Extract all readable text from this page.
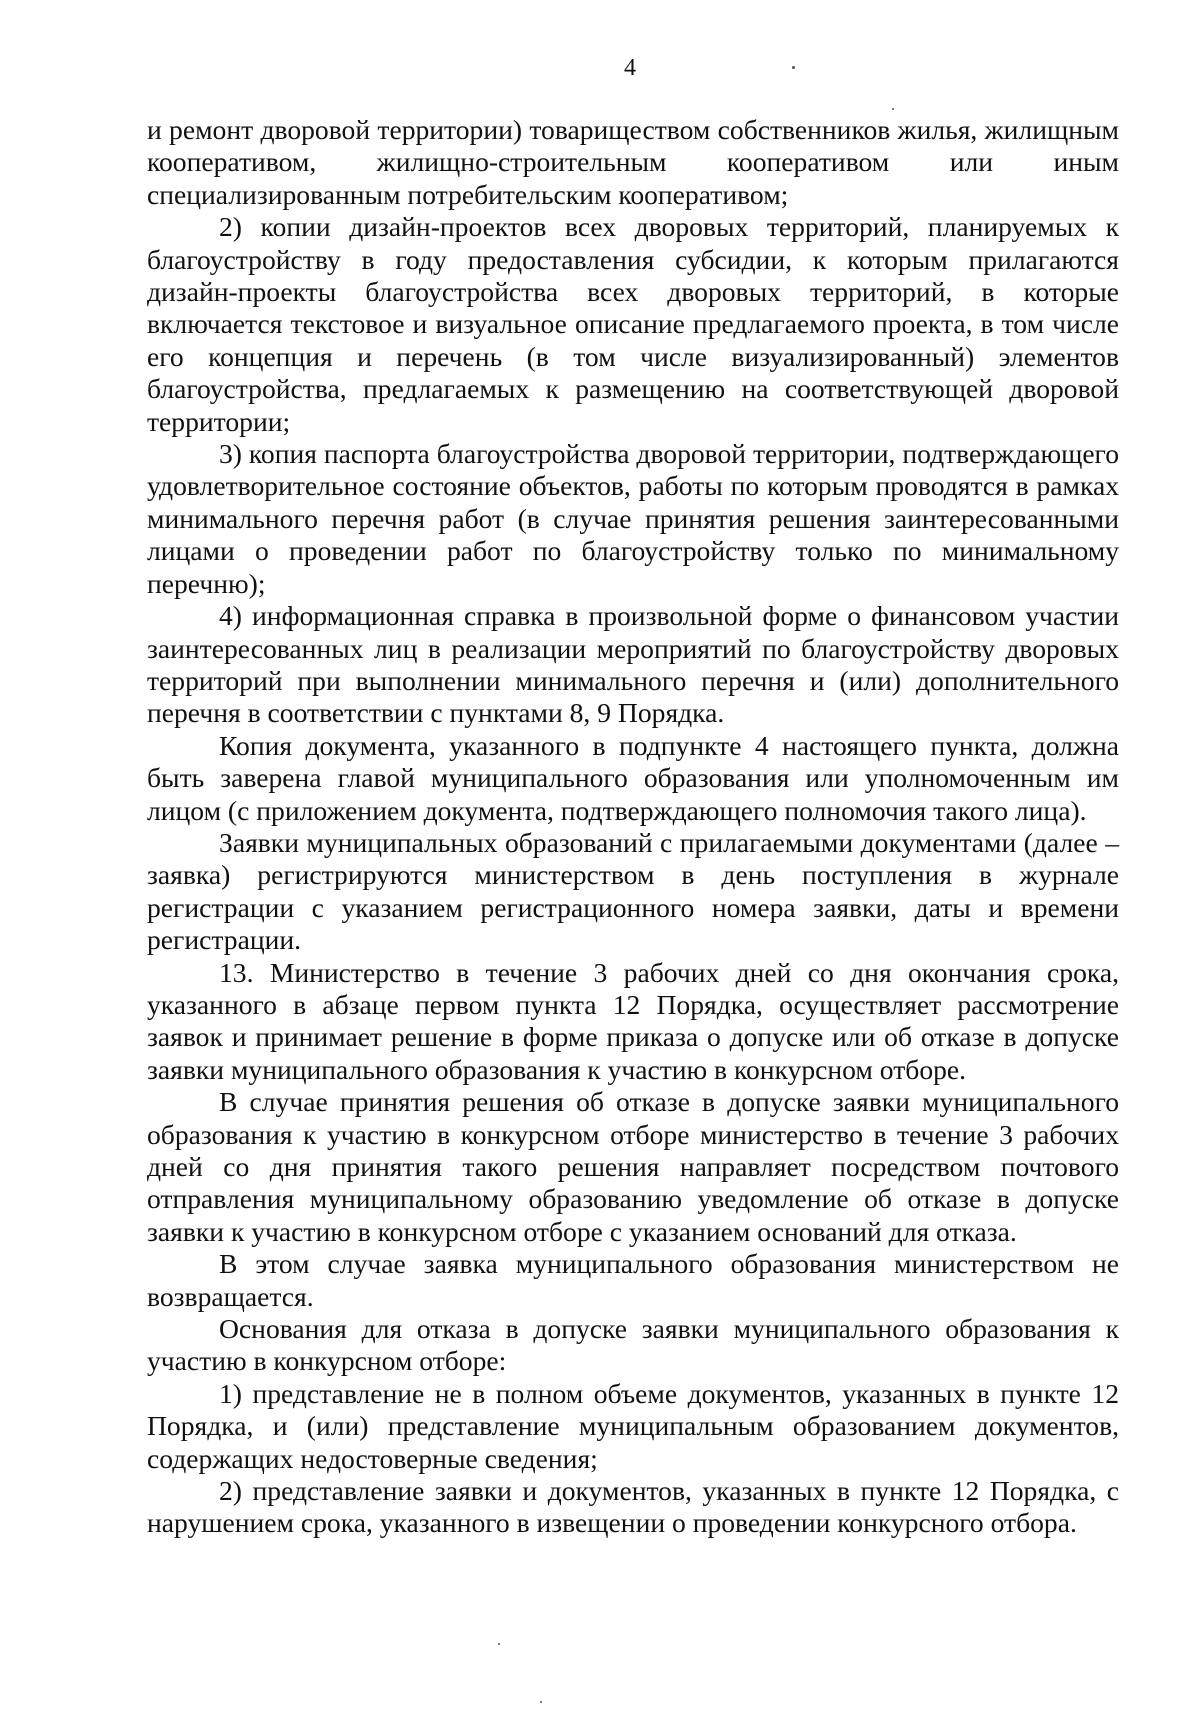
4

и ремонт дворовой территории) товариществом собственников жилья, жилищным кооперативом, жилищно-строительным кооперативом или иным специализированным потребительским кооперативом;

2) копии дизайн-проектов всех дворовых территорий, планируемых к благоустройству в году предоставления субсидии, к которым прилагаются дизайн-проекты благоустройства всех дворовых территорий, в которые включается текстовое и визуальное описание предлагаемого проекта, в том числе его концепция и перечень (в том числе визуализированный) элементов благоустройства, предлагаемых к размещению на соответствующей дворовой территории;

3) копия паспорта благоустройства дворовой территории, подтверждающего удовлетворительное состояние объектов, работы по которым проводятся в рамках минимального перечня работ (в случае принятия решения заинтересованными лицами о проведении работ по благоустройству только по минимальному перечню);

4) информационная справка в произвольной форме о финансовом участии заинтересованных лиц в реализации мероприятий по благоустройству дворовых территорий при выполнении минимального перечня и (или) дополнительного перечня в соответствии с пунктами 8, 9 Порядка.

Копия документа, указанного в подпункте 4 настоящего пункта, должна быть заверена главой муниципального образования или уполномоченным им лицом (с приложением документа, подтверждающего полномочия такого лица).

Заявки муниципальных образований с прилагаемыми документами (далее – заявка) регистрируются министерством в день поступления в журнале регистрации с указанием регистрационного номера заявки, даты и времени регистрации.

13. Министерство в течение 3 рабочих дней со дня окончания срока, указанного в абзаце первом пункта 12 Порядка, осуществляет рассмотрение заявок и принимает решение в форме приказа о допуске или об отказе в допуске заявки муниципального образования к участию в конкурсном отборе.

В случае принятия решения об отказе в допуске заявки муниципального образования к участию в конкурсном отборе министерство в течение 3 рабочих дней со дня принятия такого решения направляет посредством почтового отправления муниципальному образованию уведомление об отказе в допуске заявки к участию в конкурсном отборе с указанием оснований для отказа.

В этом случае заявка муниципального образования министерством не возвращается.

Основания для отказа в допуске заявки муниципального образования к участию в конкурсном отборе:

1) представление не в полном объеме документов, указанных в пункте 12 Порядка, и (или) представление муниципальным образованием документов, содержащих недостоверные сведения;

2) представление заявки и документов, указанных в пункте 12 Порядка, с нарушением срока, указанного в извещении о проведении конкурсного отбора.
